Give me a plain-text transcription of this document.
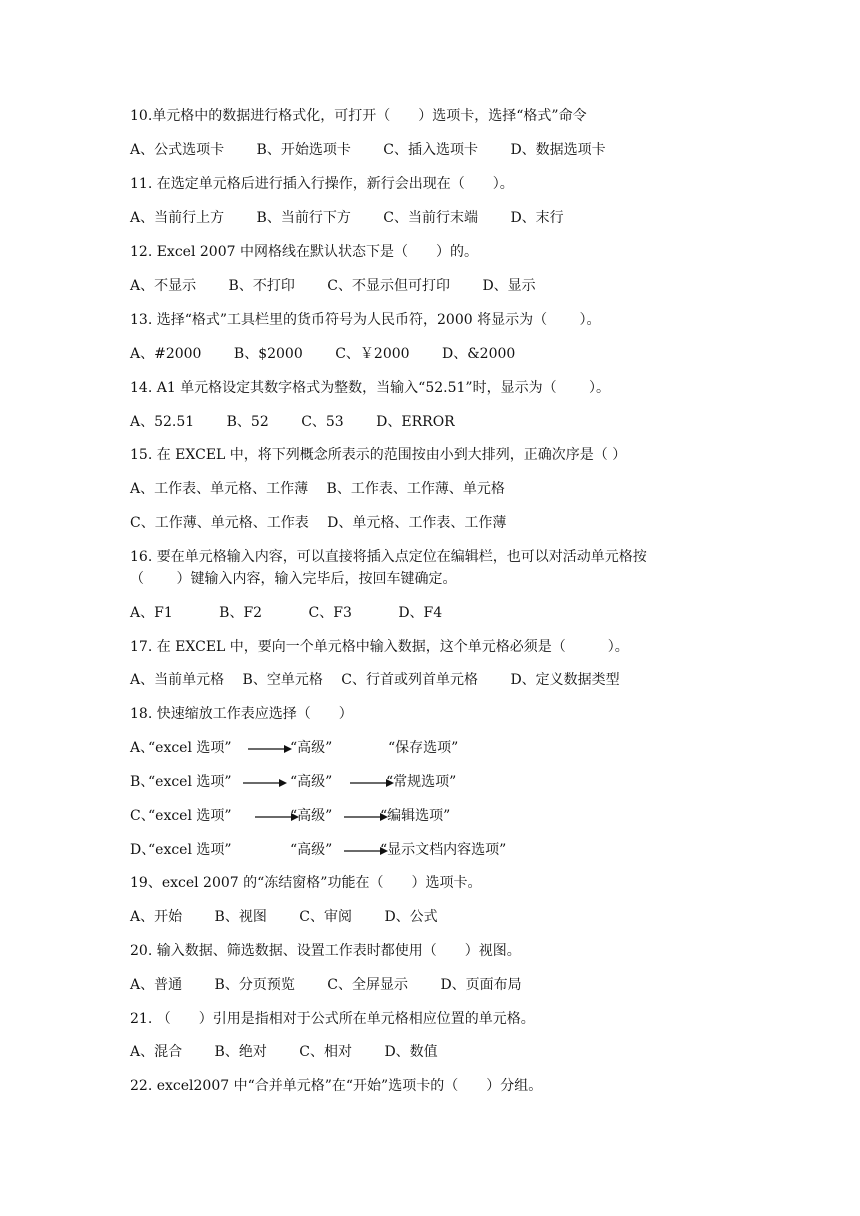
10.单元格中的数据进行格式化，可打开（　　）选项卡，选择“格式”命令
A、公式选项卡　　 B、开始选项卡　　 C、插入选项卡　　 D、数据选项卡
11. 在选定单元格后进行插入行操作，新行会出现在（　　）。
A、当前行上方　　 B、当前行下方　　 C、当前行末端　　 D、末行
12. Excel 2007 中网格线在默认状态下是（　　）的。
A、不显示　　 B、不打印　　 C、不显示但可打印　　 D、显示
13. 选择“格式”工具栏里的货币符号为人民币符，2000 将显示为（　　 ）。
A、#2000　　 B、$2000　　 C、￥2000　　 D、&2000
14. A1 单元格设定其数字格式为整数，当输入“52.51”时，显示为（　　 ）。
A、52.51　　 B、52　　 C、53　　 D、ERROR
15. 在 EXCEL 中，将下列概念所表示的范围按由小到大排列，正确次序是（ ）
A、工作表、单元格、工作薄　 B、工作表、工作薄、单元格
C、工作薄、单元格、工作表　 D、单元格、工作表、工作薄
16. 要在单元格输入内容，可以直接将插入点定位在编辑栏，也可以对活动单元格按
（　　 ）键输入内容，输入完毕后，按回车键确定。
A、F1　　　 B、F2　　　 C、F3　　　 D、F4
17. 在 EXCEL 中，要向一个单元格中输入数据，这个单元格必须是（　　　）。
A、当前单元格　 B、空单元格　 C、行首或列首单元格　　 D、定义数据类型
18. 快速缩放工作表应选择（　　）
A、
“excel 选项”	“高级”	“保存选项”
B、
“excel 选项”	“高级”	“常规选项”
C、
“excel 选项”	“高级”	“编辑选项”
D、
“excel 选项”	“高级”	“显示文档内容选项”
19、excel 2007 的“冻结窗格”功能在（　　）选项卡。
A、开始　　 B、视图　　 C、审阅　　 D、公式
20. 输入数据、筛选数据、设置工作表时都使用（　　）视图。
A、普通　　 B、分页预览　　 C、全屏显示　　 D、页面布局
21. （　　）引用是指相对于公式所在单元格相应位置的单元格。
A、混合　　 B、绝对　　 C、相对　　 D、数值
22. excel2007 中“合并单元格”在“开始”选项卡的（　　）分组。
